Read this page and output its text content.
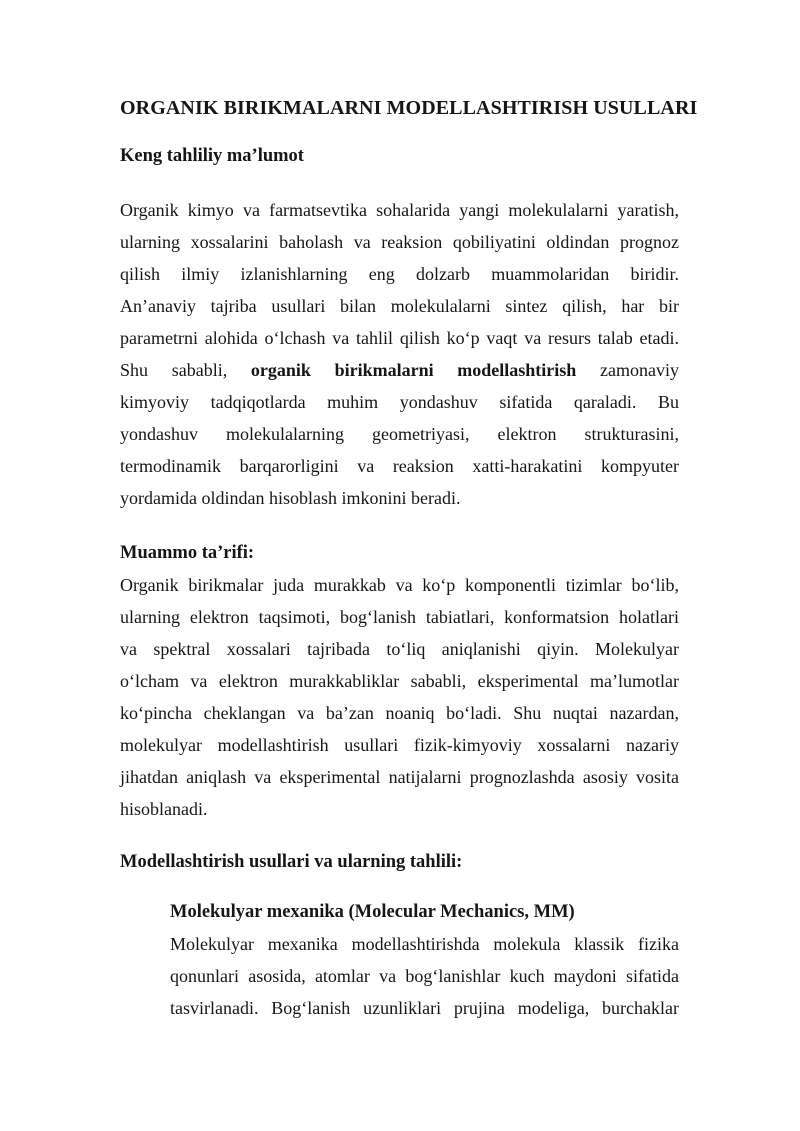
ORGANIK BIRIKMALARNI MODELLASHTIRISH USULLARI
Keng tahliliy ma’lumot
Organik kimyo va farmatsevtika sohalarida yangi molekulalarni yaratish,
ularning xossalarini baholash va reaksion qobiliyatini oldindan prognoz
qilish ilmiy izlanishlarning eng dolzarb muammolaridan biridir.
An’anaviy tajriba usullari bilan molekulalarni sintez qilish, har bir
parametrni alohida o‘lchash va tahlil qilish ko‘p vaqt va resurs talab etadi.
Shu sababli, organik birikmalarni modellashtirish zamonaviy
kimyoviy tadqiqotlarda muhim yondashuv sifatida qaraladi. Bu
yondashuv molekulalarning geometriyasi, elektron strukturasini,
termodinamik barqarorligini va reaksion xatti-harakatini kompyuter
yordamida oldindan hisoblash imkonini beradi.
Muammo ta’rifi:
Organik birikmalar juda murakkab va ko‘p komponentli tizimlar bo‘lib,
ularning elektron taqsimoti, bog‘lanish tabiatlari, konformatsion holatlari
va spektral xossalari tajribada to‘liq aniqlanishi qiyin. Molekulyar
o‘lcham va elektron murakkabliklar sababli, eksperimental ma’lumotlar
ko‘pincha cheklangan va ba’zan noaniq bo‘ladi. Shu nuqtai nazardan,
molekulyar modellashtirish usullari fizik-kimyoviy xossalarni nazariy
jihatdan aniqlash va eksperimental natijalarni prognozlashda asosiy vosita
hisoblanadi.
Modellashtirish usullari va ularning tahlili:
Molekulyar mexanika (Molecular Mechanics, MM)
Molekulyar mexanika modellashtirishda molekula klassik fizika
qonunlari asosida, atomlar va bog‘lanishlar kuch maydoni sifatida
tasvirlanadi. Bog‘lanish uzunliklari prujina modeliga, burchaklar
